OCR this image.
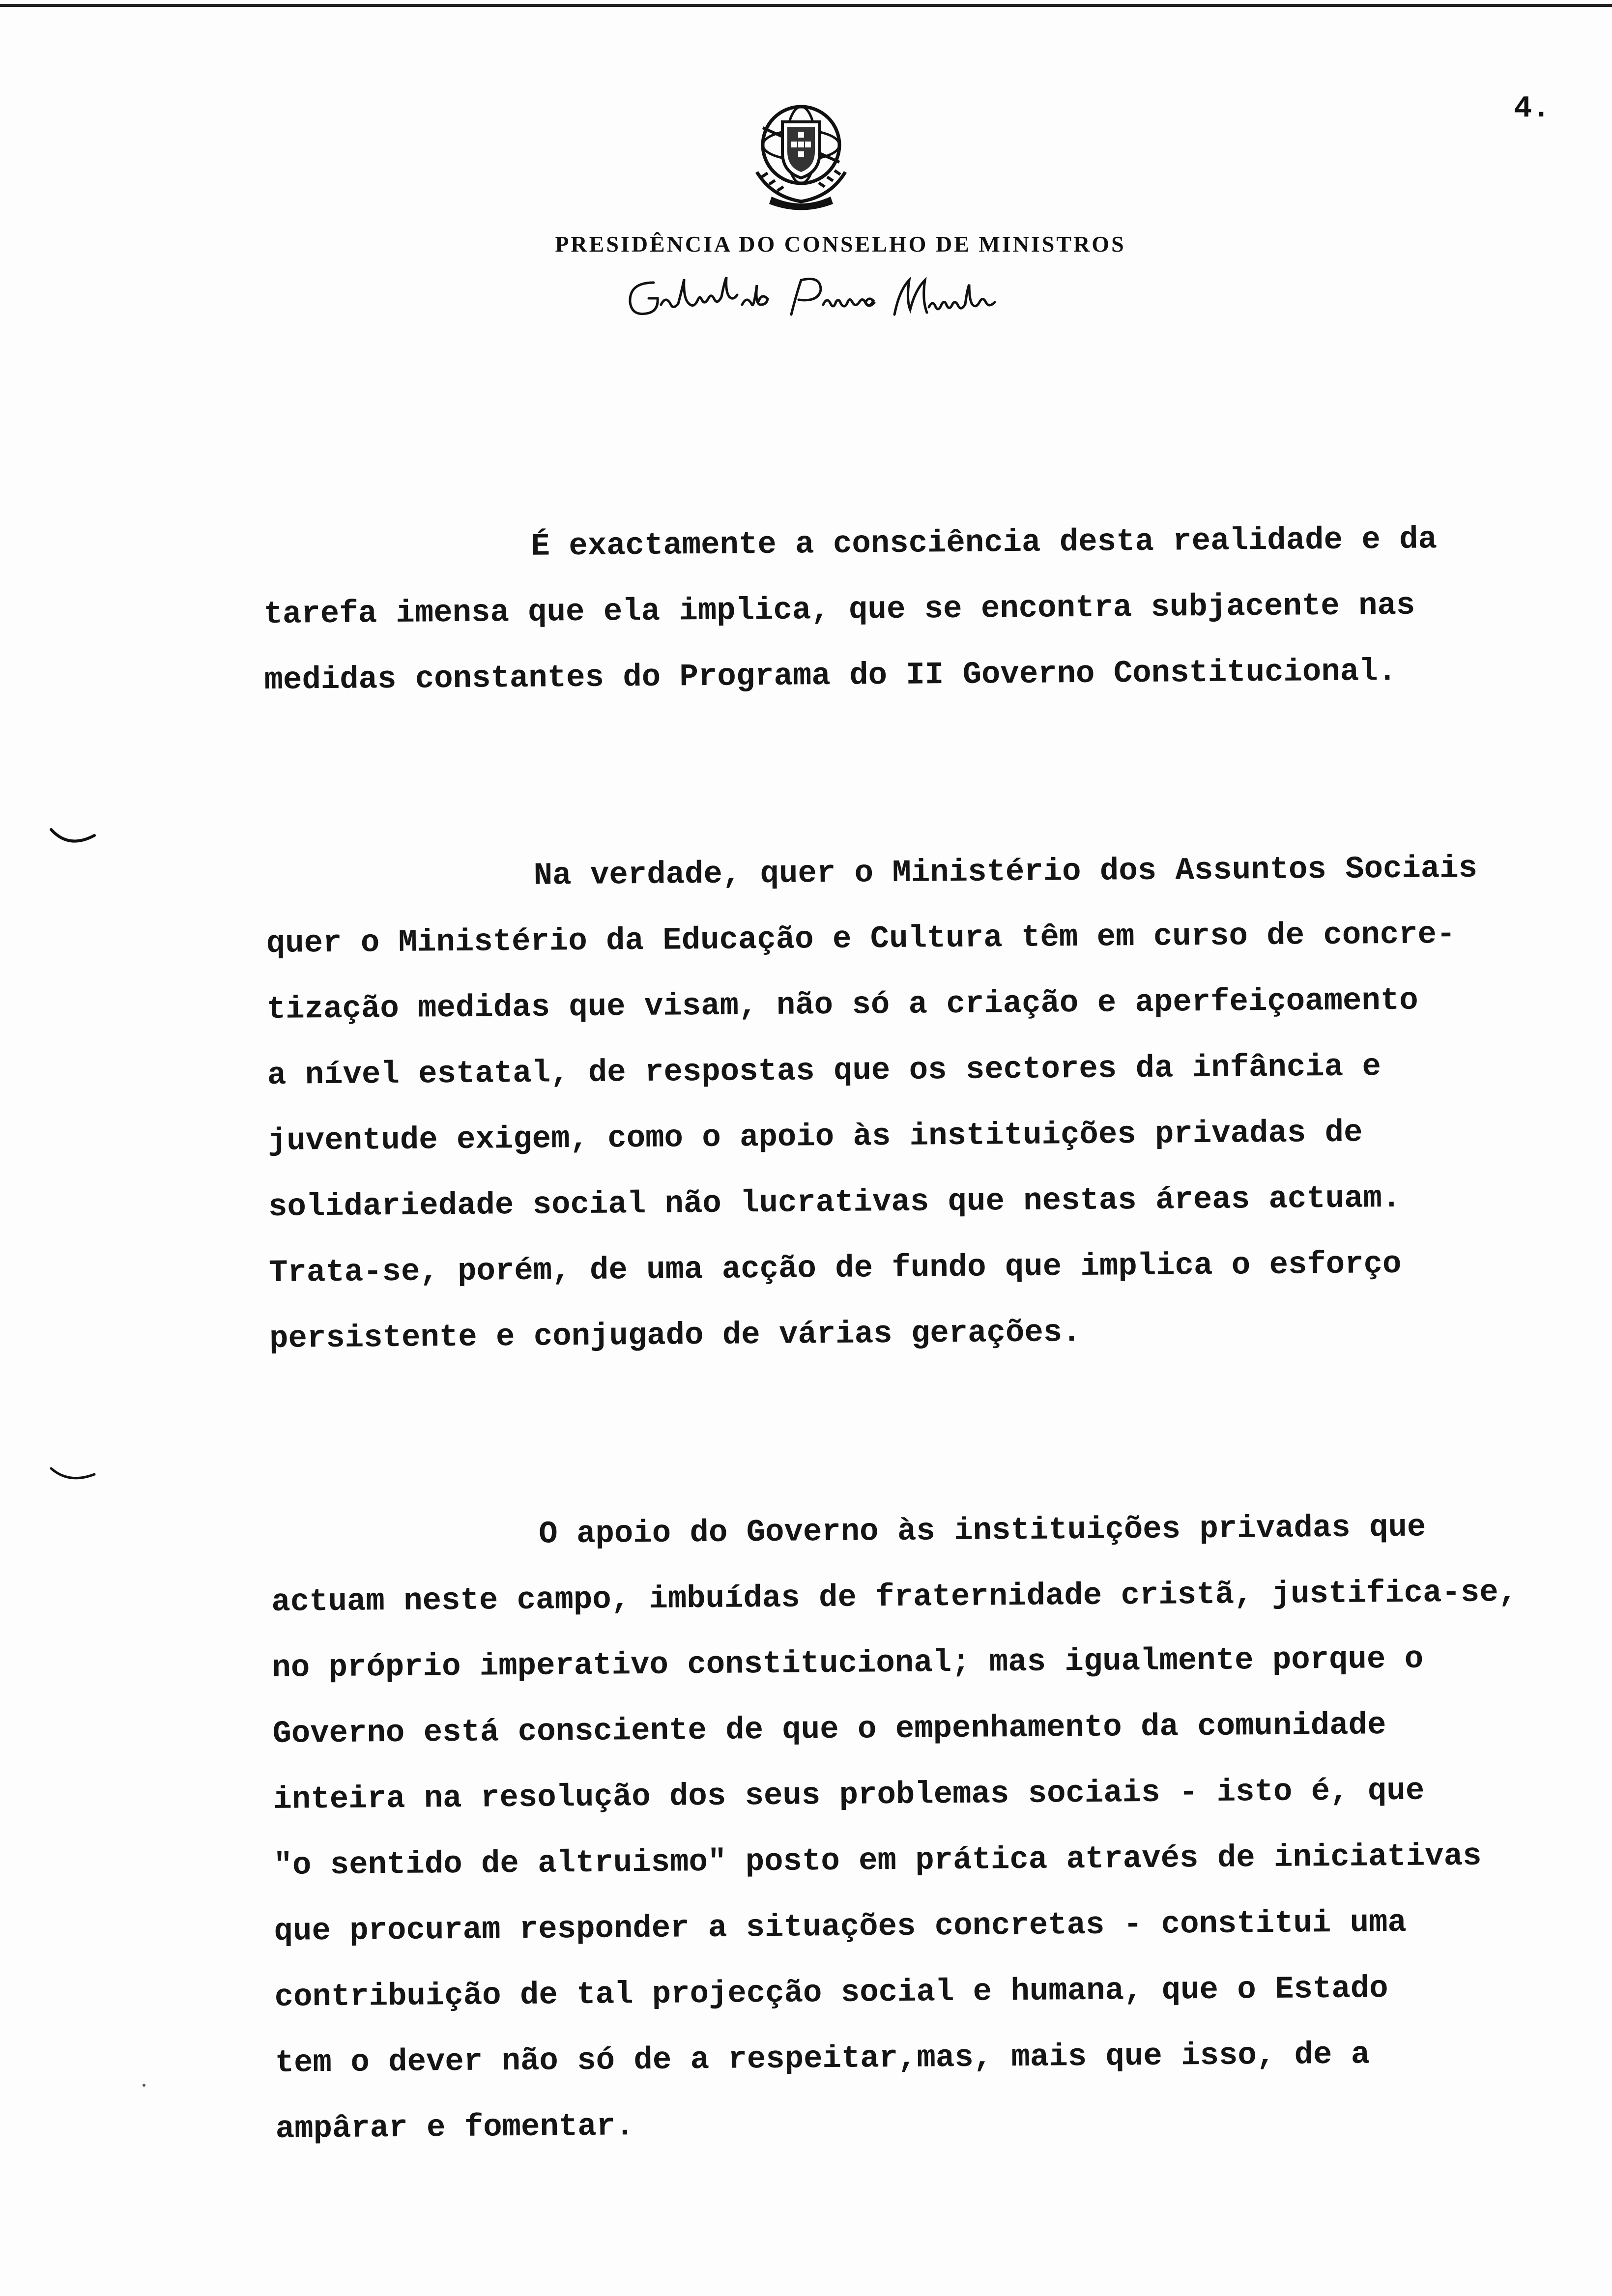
4.
PRESIDÊNCIA DO CONSELHO DE MINISTROS
É exactamente a consciência desta realidade e da
tarefa imensa que ela implica, que se encontra subjacente nas
medidas constantes do Programa do II Governo Constitucional.
Na verdade, quer o Ministério dos Assuntos Sociais
quer o Ministério da Educação e Cultura têm em curso de concre-
tização medidas que visam, não só a criação e aperfeiçoamento
a nível estatal, de respostas que os sectores da infância e
juventude exigem, como o apoio às instituições privadas de
solidariedade social não lucrativas que nestas áreas actuam.
Trata-se, porém, de uma acção de fundo que implica o esforço
persistente e conjugado de várias gerações.
O apoio do Governo às instituições privadas que
actuam neste campo, imbuídas de fraternidade cristã, justifica-se,
no próprio imperativo constitucional; mas igualmente porque o
Governo está consciente de que o empenhamento da comunidade
inteira na resolução dos seus problemas sociais - isto é, que
"o sentido de altruismo" posto em prática através de iniciativas
que procuram responder a situações concretas - constitui uma
contribuição de tal projecção social e humana, que o Estado
tem o dever não só de a respeitar,mas, mais que isso, de a
ampârar e fomentar.
